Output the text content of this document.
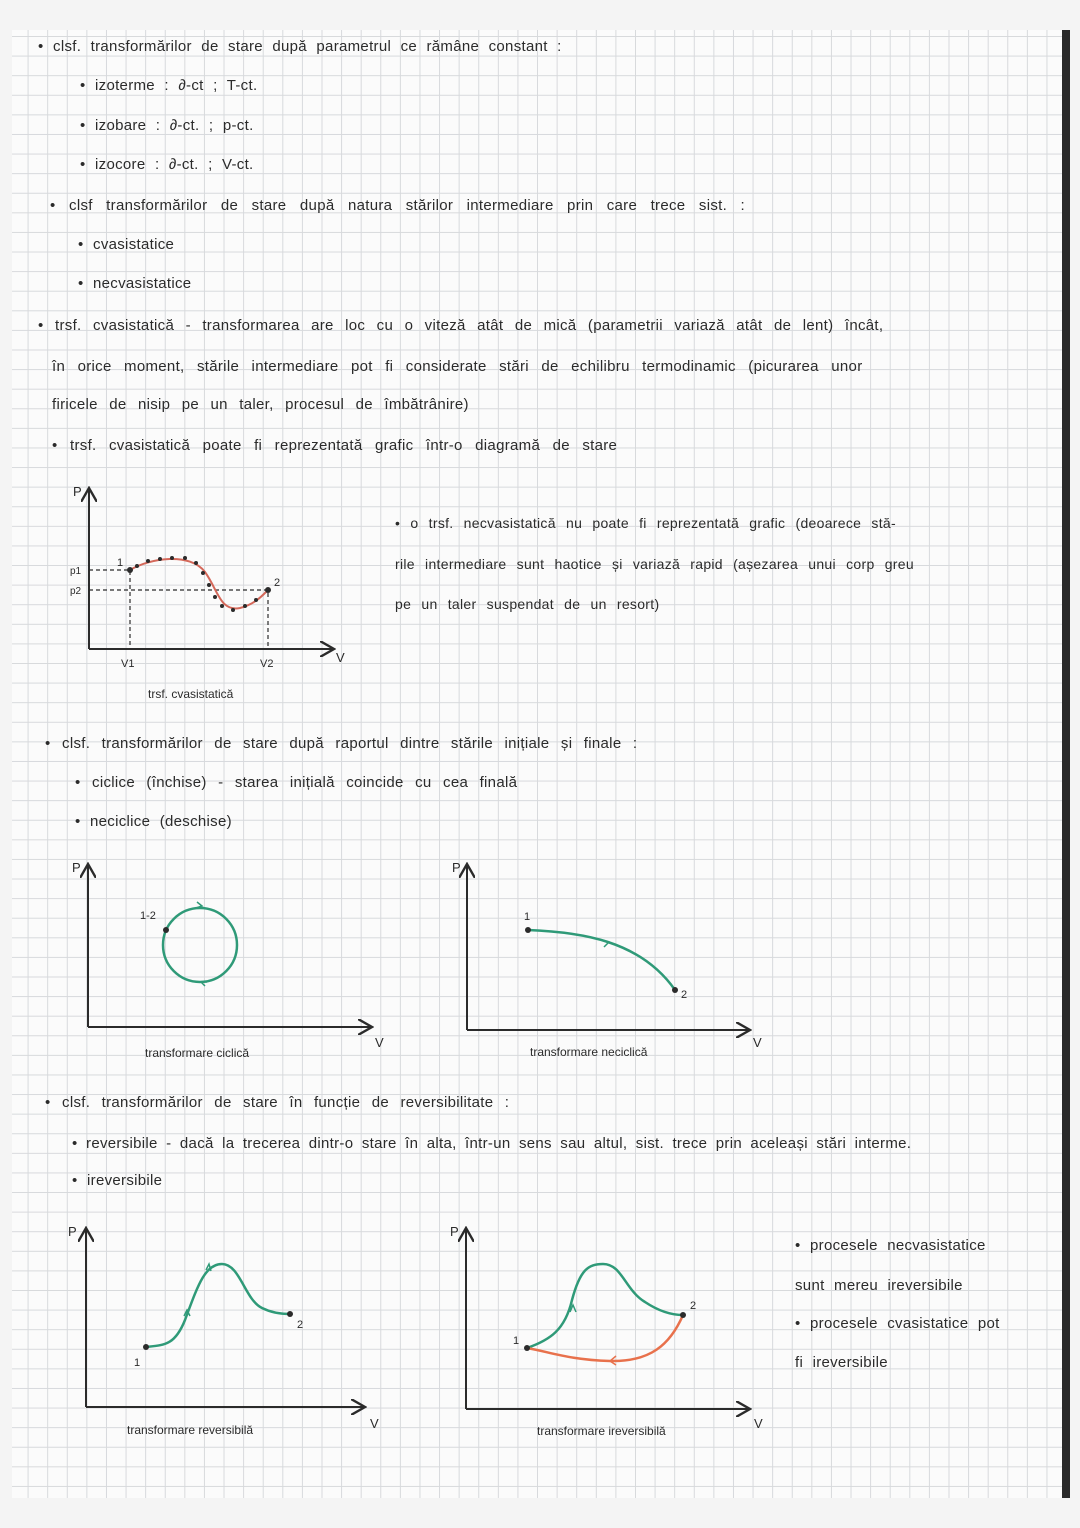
• clsf. transformărilor de stare după parametrul ce rămâne constant :
• izoterme : ∂-ct ; T-ct.
• izobare : ∂-ct. ; p-ct.
• izocore : ∂-ct. ; V-ct.
• clsf transformărilor de stare după natura stărilor intermediare prin care trece sist. :
• cvasistatice
• necvasistatice
• trsf. cvasistatică - transformarea are loc cu o viteză atât de mică (parametrii variază atât de lent) încât,
în orice moment, stările intermediare pot fi considerate stări de echilibru termodinamic (picurarea unor
firicele de nisip pe un taler, procesul de îmbătrânire)
• trsf. cvasistatică poate fi reprezentată grafic într-o diagramă de stare
• o trsf. necvasistatică nu poate fi reprezentată grafic (deoarece stă-
rile intermediare sunt haotice și variază rapid (așezarea unui corp greu
pe un taler suspendat de un resort)
• clsf. transformărilor de stare după raportul dintre stările inițiale și finale :
• ciclice (închise) - starea inițială coincide cu cea finală
• neciclice (deschise)
• clsf. transformărilor de stare în funcție de reversibilitate :
• reversibile - dacă la trecerea dintr-o stare în alta, într-un sens sau altul, sist. trece prin aceleași stări interme.
• ireversibile
• procesele necvasistatice
sunt mereu ireversibile
• procesele cvasistatice pot
fi ireversibile
P
V
p1
p2
V1	V2
1
2
trsf. cvasistatică
P
V
1-2
transformare ciclică
P
V
1
2
transformare neciclică
P
V
1
2
transformare reversibilă
P
V
1
2
transformare ireversibilă
